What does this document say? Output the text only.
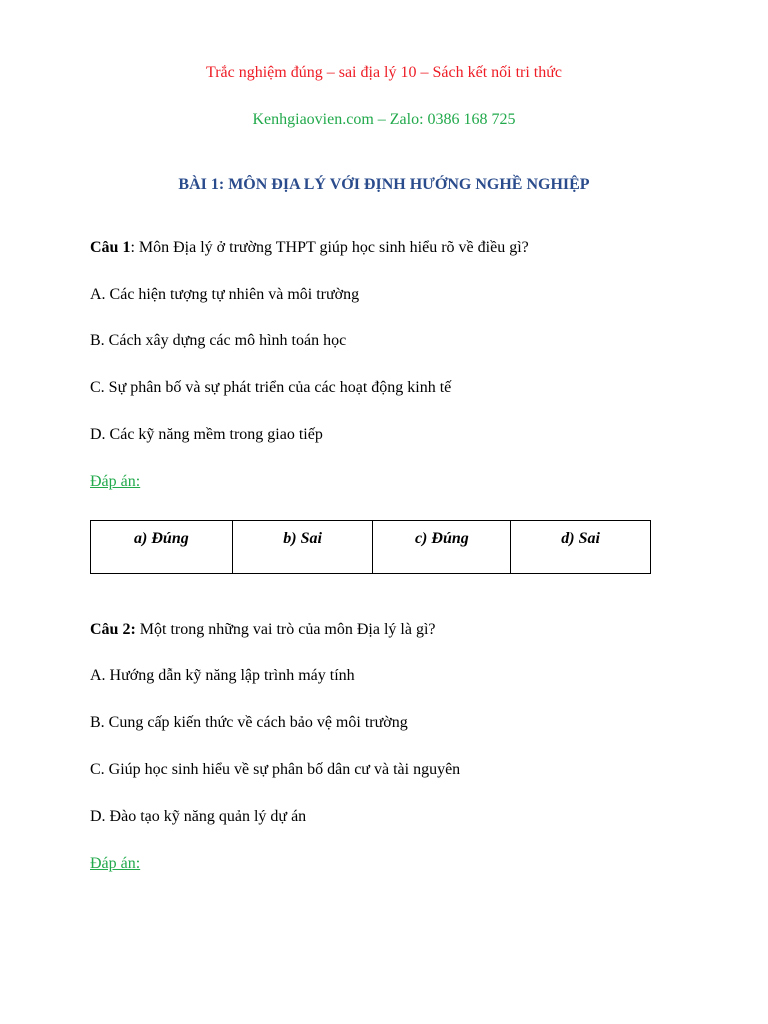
Trắc nghiệm đúng – sai địa lý 10 – Sách kết nối tri thức
Kenhgiaovien.com – Zalo: 0386 168 725
BÀI 1: MÔN ĐỊA LÝ VỚI ĐỊNH HƯỚNG NGHỀ NGHIỆP
Câu 1: Môn Địa lý ở trường THPT giúp học sinh hiểu rõ về điều gì?
A. Các hiện tượng tự nhiên và môi trường
B. Cách xây dựng các mô hình toán học
C. Sự phân bố và sự phát triển của các hoạt động kinh tế
D. Các kỹ năng mềm trong giao tiếp
Đáp án:
a) Đúng	b) Sai	c) Đúng	d) Sai
Câu 2: Một trong những vai trò của môn Địa lý là gì?
A. Hướng dẫn kỹ năng lập trình máy tính
B. Cung cấp kiến thức về cách bảo vệ môi trường
C. Giúp học sinh hiểu về sự phân bố dân cư và tài nguyên
D. Đào tạo kỹ năng quản lý dự án
Đáp án:
